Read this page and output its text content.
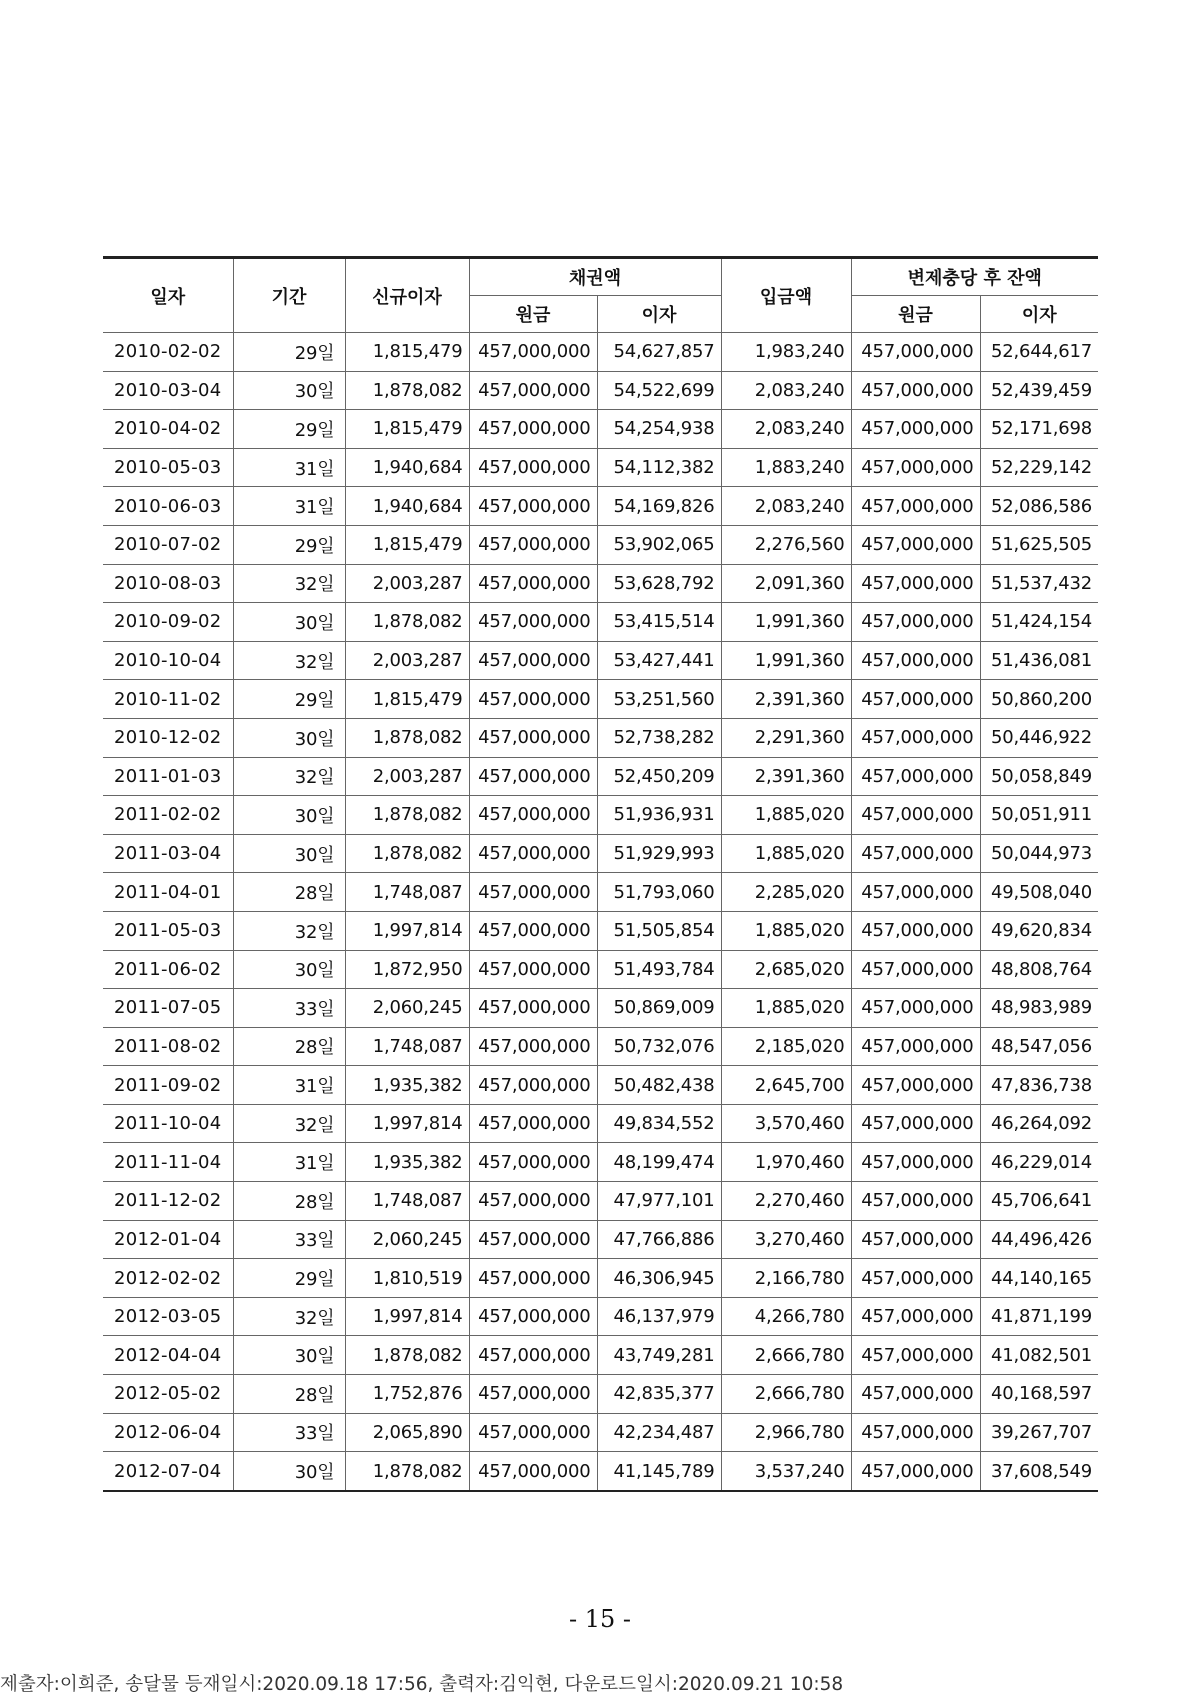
일자	기간	신규이자	채권액		입금액	변제충당 후 잔액	
			원금	이자		원금	이자
2010-02-02	29일	1,815,479	457,000,000	54,627,857	1,983,240	457,000,000	52,644,617
2010-03-04	30일	1,878,082	457,000,000	54,522,699	2,083,240	457,000,000	52,439,459
2010-04-02	29일	1,815,479	457,000,000	54,254,938	2,083,240	457,000,000	52,171,698
2010-05-03	31일	1,940,684	457,000,000	54,112,382	1,883,240	457,000,000	52,229,142
2010-06-03	31일	1,940,684	457,000,000	54,169,826	2,083,240	457,000,000	52,086,586
2010-07-02	29일	1,815,479	457,000,000	53,902,065	2,276,560	457,000,000	51,625,505
2010-08-03	32일	2,003,287	457,000,000	53,628,792	2,091,360	457,000,000	51,537,432
2010-09-02	30일	1,878,082	457,000,000	53,415,514	1,991,360	457,000,000	51,424,154
2010-10-04	32일	2,003,287	457,000,000	53,427,441	1,991,360	457,000,000	51,436,081
2010-11-02	29일	1,815,479	457,000,000	53,251,560	2,391,360	457,000,000	50,860,200
2010-12-02	30일	1,878,082	457,000,000	52,738,282	2,291,360	457,000,000	50,446,922
2011-01-03	32일	2,003,287	457,000,000	52,450,209	2,391,360	457,000,000	50,058,849
2011-02-02	30일	1,878,082	457,000,000	51,936,931	1,885,020	457,000,000	50,051,911
2011-03-04	30일	1,878,082	457,000,000	51,929,993	1,885,020	457,000,000	50,044,973
2011-04-01	28일	1,748,087	457,000,000	51,793,060	2,285,020	457,000,000	49,508,040
2011-05-03	32일	1,997,814	457,000,000	51,505,854	1,885,020	457,000,000	49,620,834
2011-06-02	30일	1,872,950	457,000,000	51,493,784	2,685,020	457,000,000	48,808,764
2011-07-05	33일	2,060,245	457,000,000	50,869,009	1,885,020	457,000,000	48,983,989
2011-08-02	28일	1,748,087	457,000,000	50,732,076	2,185,020	457,000,000	48,547,056
2011-09-02	31일	1,935,382	457,000,000	50,482,438	2,645,700	457,000,000	47,836,738
2011-10-04	32일	1,997,814	457,000,000	49,834,552	3,570,460	457,000,000	46,264,092
2011-11-04	31일	1,935,382	457,000,000	48,199,474	1,970,460	457,000,000	46,229,014
2011-12-02	28일	1,748,087	457,000,000	47,977,101	2,270,460	457,000,000	45,706,641
2012-01-04	33일	2,060,245	457,000,000	47,766,886	3,270,460	457,000,000	44,496,426
2012-02-02	29일	1,810,519	457,000,000	46,306,945	2,166,780	457,000,000	44,140,165
2012-03-05	32일	1,997,814	457,000,000	46,137,979	4,266,780	457,000,000	41,871,199
2012-04-04	30일	1,878,082	457,000,000	43,749,281	2,666,780	457,000,000	41,082,501
2012-05-02	28일	1,752,876	457,000,000	42,835,377	2,666,780	457,000,000	40,168,597
2012-06-04	33일	2,065,890	457,000,000	42,234,487	2,966,780	457,000,000	39,267,707
2012-07-04	30일	1,878,082	457,000,000	41,145,789	3,537,240	457,000,000	37,608,549
- 15 -
제출자:이희준, 송달물 등재일시:2020.09.18 17:56, 출력자:김익현, 다운로드일시:2020.09.21 10:58
